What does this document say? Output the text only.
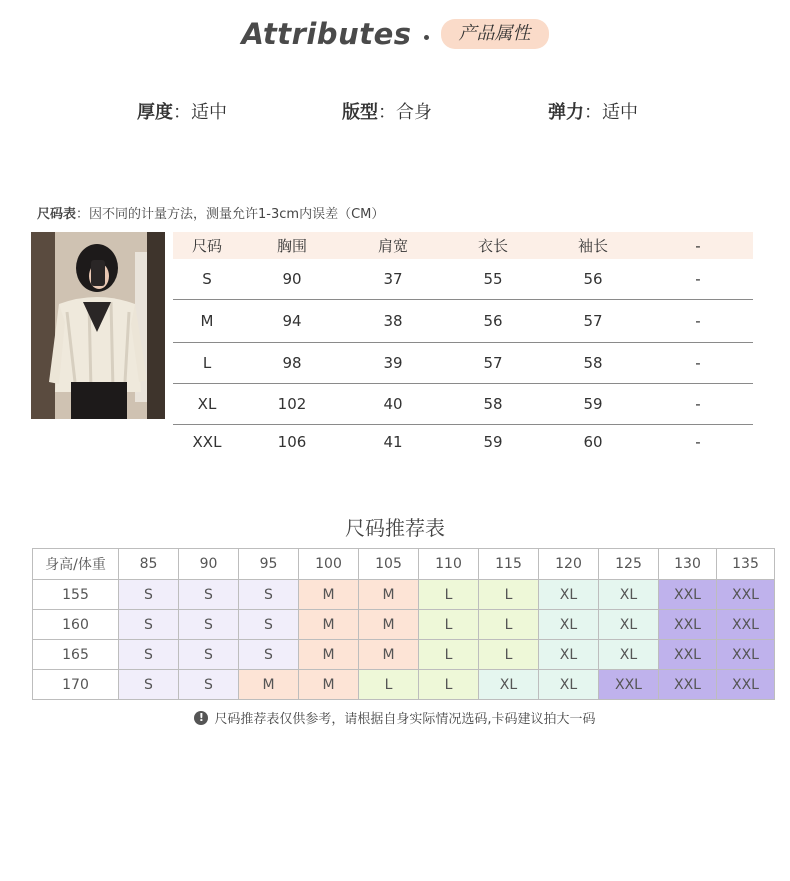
Attributes	产品属性
厚度：适中	版型：合身	弹力：适中
尺码表：因不同的计量方法，测量允许1-3cm内误差（CM）
尺码	胸围	肩宽	衣长	袖长	-
S	90	37	55	56	-
M	94	38	56	57	-
L	98	39	57	58	-
XL	102	40	58	59	-
XXL	106	41	59	60	-
尺码推荐表
身高/体重	85	90	95	100	105	110	115	120	125	130	135
155	S	S	S	M	M	L	L	XL	XL	XXL	XXL
160	S	S	S	M	M	L	L	XL	XL	XXL	XXL
165	S	S	S	M	M	L	L	XL	XL	XXL	XXL
170	S	S	M	M	L	L	XL	XL	XXL	XXL	XXL
! 尺码推荐表仅供参考，请根据自身实际情况选码,卡码建议拍大一码
